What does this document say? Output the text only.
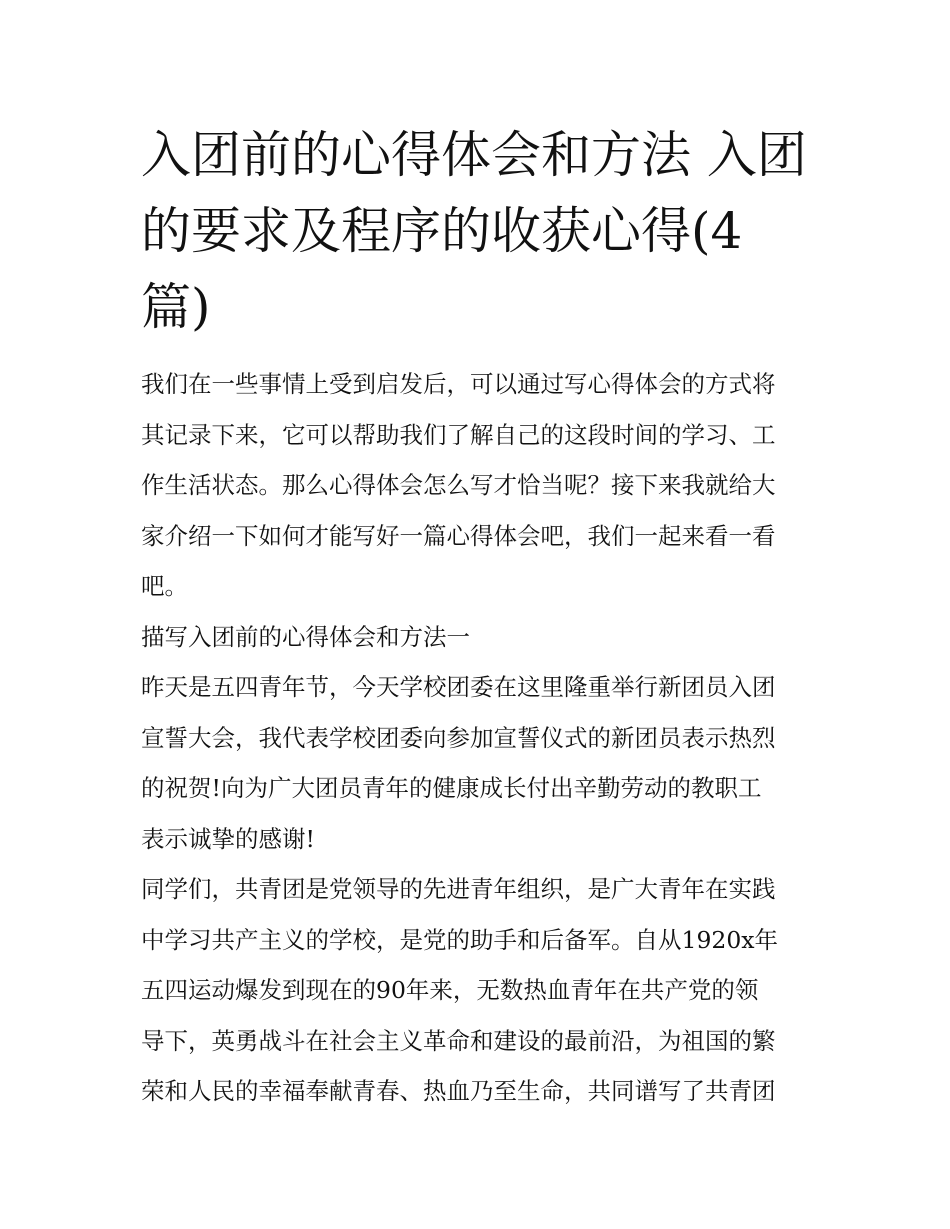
入团前的心得体会和方法 入团
的要求及程序的收获心得(4
篇)
我们在一些事情上受到启发后，可以通过写心得体会的方式将
其记录下来，它可以帮助我们了解自己的这段时间的学习、工
作生活状态。那么心得体会怎么写才恰当呢？接下来我就给大
家介绍一下如何才能写好一篇心得体会吧，我们一起来看一看
吧。
描写入团前的心得体会和方法一
昨天是五四青年节，今天学校团委在这里隆重举行新团员入团
宣誓大会，我代表学校团委向参加宣誓仪式的新团员表示热烈
的祝贺!向为广大团员青年的健康成长付出辛勤劳动的教职工
表示诚挚的感谢!
同学们，共青团是党领导的先进青年组织，是广大青年在实践
中学习共产主义的学校，是党的助手和后备军。自从1920x年
五四运动爆发到现在的90年来，无数热血青年在共产党的领
导下，英勇战斗在社会主义革命和建设的最前沿，为祖国的繁
荣和人民的幸福奉献青春、热血乃至生命，共同谱写了共青团
